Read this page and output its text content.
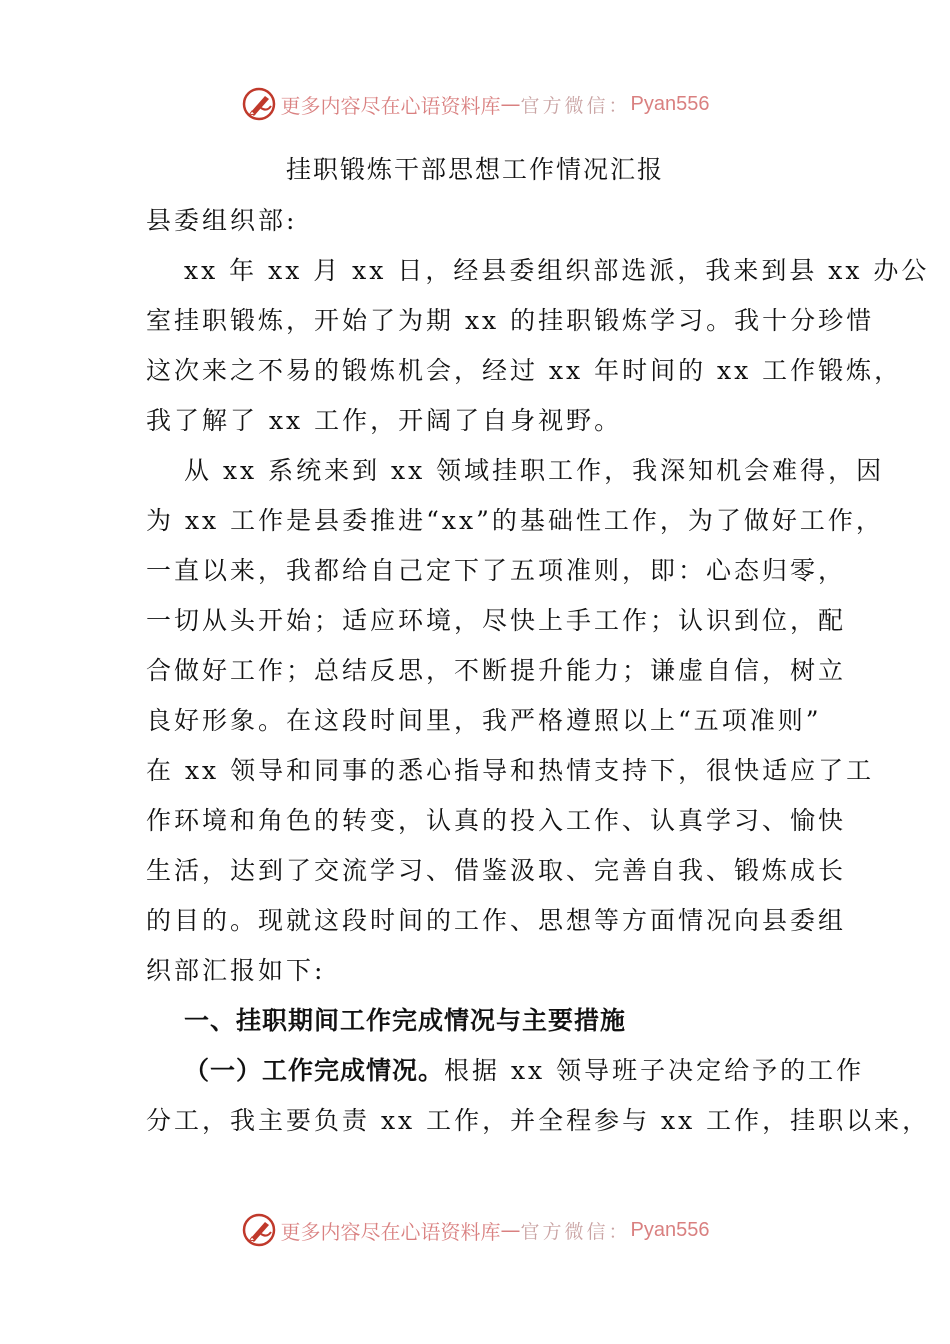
更多内容尽在心语资料库 — 官方微信： Pyan556
挂职锻炼干部思想工作情况汇报
县委组织部:
xx 年 xx 月 xx 日，经县委组织部选派，我来到县 xx 办公
室挂职锻炼，开始了为期 xx 的挂职锻炼学习。我十分珍惜
这次来之不易的锻炼机会，经过 xx 年时间的 xx 工作锻炼，
我了解了 xx 工作，开阔了自身视野。
从 xx 系统来到 xx 领域挂职工作，我深知机会难得，因
为 xx 工作是县委推进“xx”的基础性工作，为了做好工作，
一直以来，我都给自己定下了五项准则，即：心态归零，
一切从头开始；适应环境，尽快上手工作；认识到位，配
合做好工作；总结反思，不断提升能力；谦虚自信，树立
良好形象。在这段时间里，我严格遵照以上“五项准则”
在 xx 领导和同事的悉心指导和热情支持下，很快适应了工
作环境和角色的转变，认真的投入工作、认真学习、愉快
生活，达到了交流学习、借鉴汲取、完善自我、锻炼成长
的目的。现就这段时间的工作、思想等方面情况向县委组
织部汇报如下:
一、挂职期间工作完成情况与主要措施
（一）工作完成情况。根据 xx 领导班子决定给予的工作
分工，我主要负责 xx 工作，并全程参与 xx 工作，挂职以来，
更多内容尽在心语资料库 — 官方微信： Pyan556
